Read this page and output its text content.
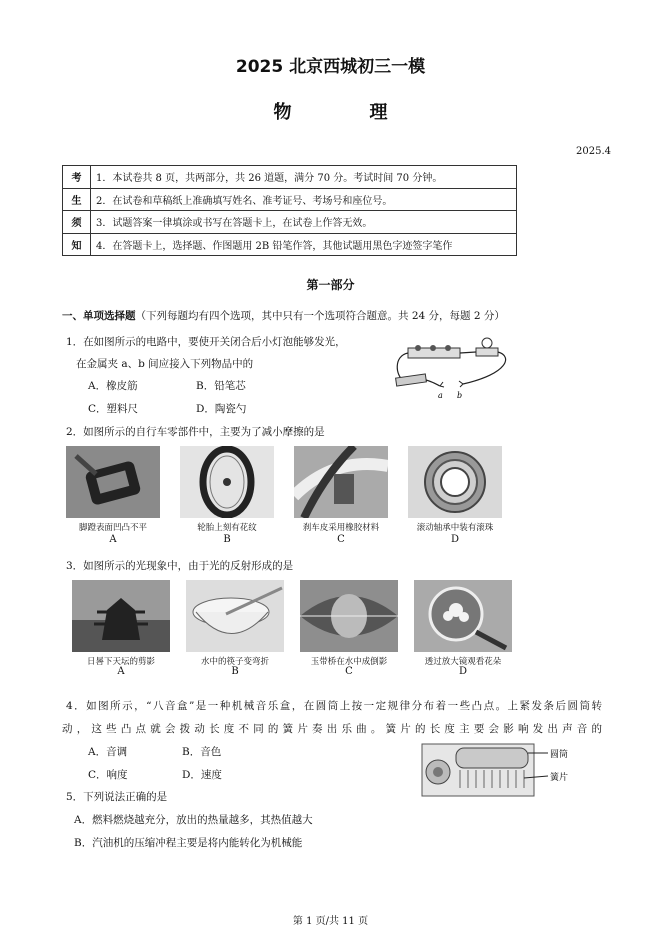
2025 北京西城初三一模
物　理
2025.4
考	1．本试卷共 8 页，共两部分，共 26 道题，满分 70 分。考试时间 70 分钟。
生	2．在试卷和草稿纸上准确填写姓名、准考证号、考场号和座位号。
须	3．试题答案一律填涂或书写在答题卡上，在试卷上作答无效。
知	4．在答题卡上，选择题、作图题用 2B 铅笔作答，其他试题用黑色字迹签字笔作
第一部分
一、单项选择题（下列每题均有四个选项，其中只有一个选项符合题意。共 24 分，每题 2 分）
1．在如图所示的电路中，要使开关闭合后小灯泡能够发光，
在金属夹 a、b 间应接入下列物品中的
A．橡皮筋	B．铅笔芯
C．塑料尺	D．陶瓷勺
a b
2．如图所示的自行车零部件中，主要为了减小摩擦的是
脚蹬表面凹凸不平	轮胎上刻有花纹	刹车皮采用橡胶材料	滚动轴承中装有滚珠
A	B	C	D
3．如图所示的光现象中，由于光的反射形成的是
日晷下天坛的剪影	水中的筷子变弯折	玉带桥在水中成倒影	透过放大镜观看花朵
A	B	C	D
4．如图所示，“八音盒”是一种机械音乐盒，在圆筒上按一定规律分布着一些凸点。上紧发条后圆筒转
动，这些凸点就会拨动长度不同的簧片奏出乐曲。簧片的长度主要会影响发出声音的
A．音调	B．音色
C．响度	D．速度
圆筒
簧片
5．下列说法正确的是
A．燃料燃烧越充分，放出的热量越多，其热值越大
B．汽油机的压缩冲程主要是将内能转化为机械能
第 1 页/共 11 页
